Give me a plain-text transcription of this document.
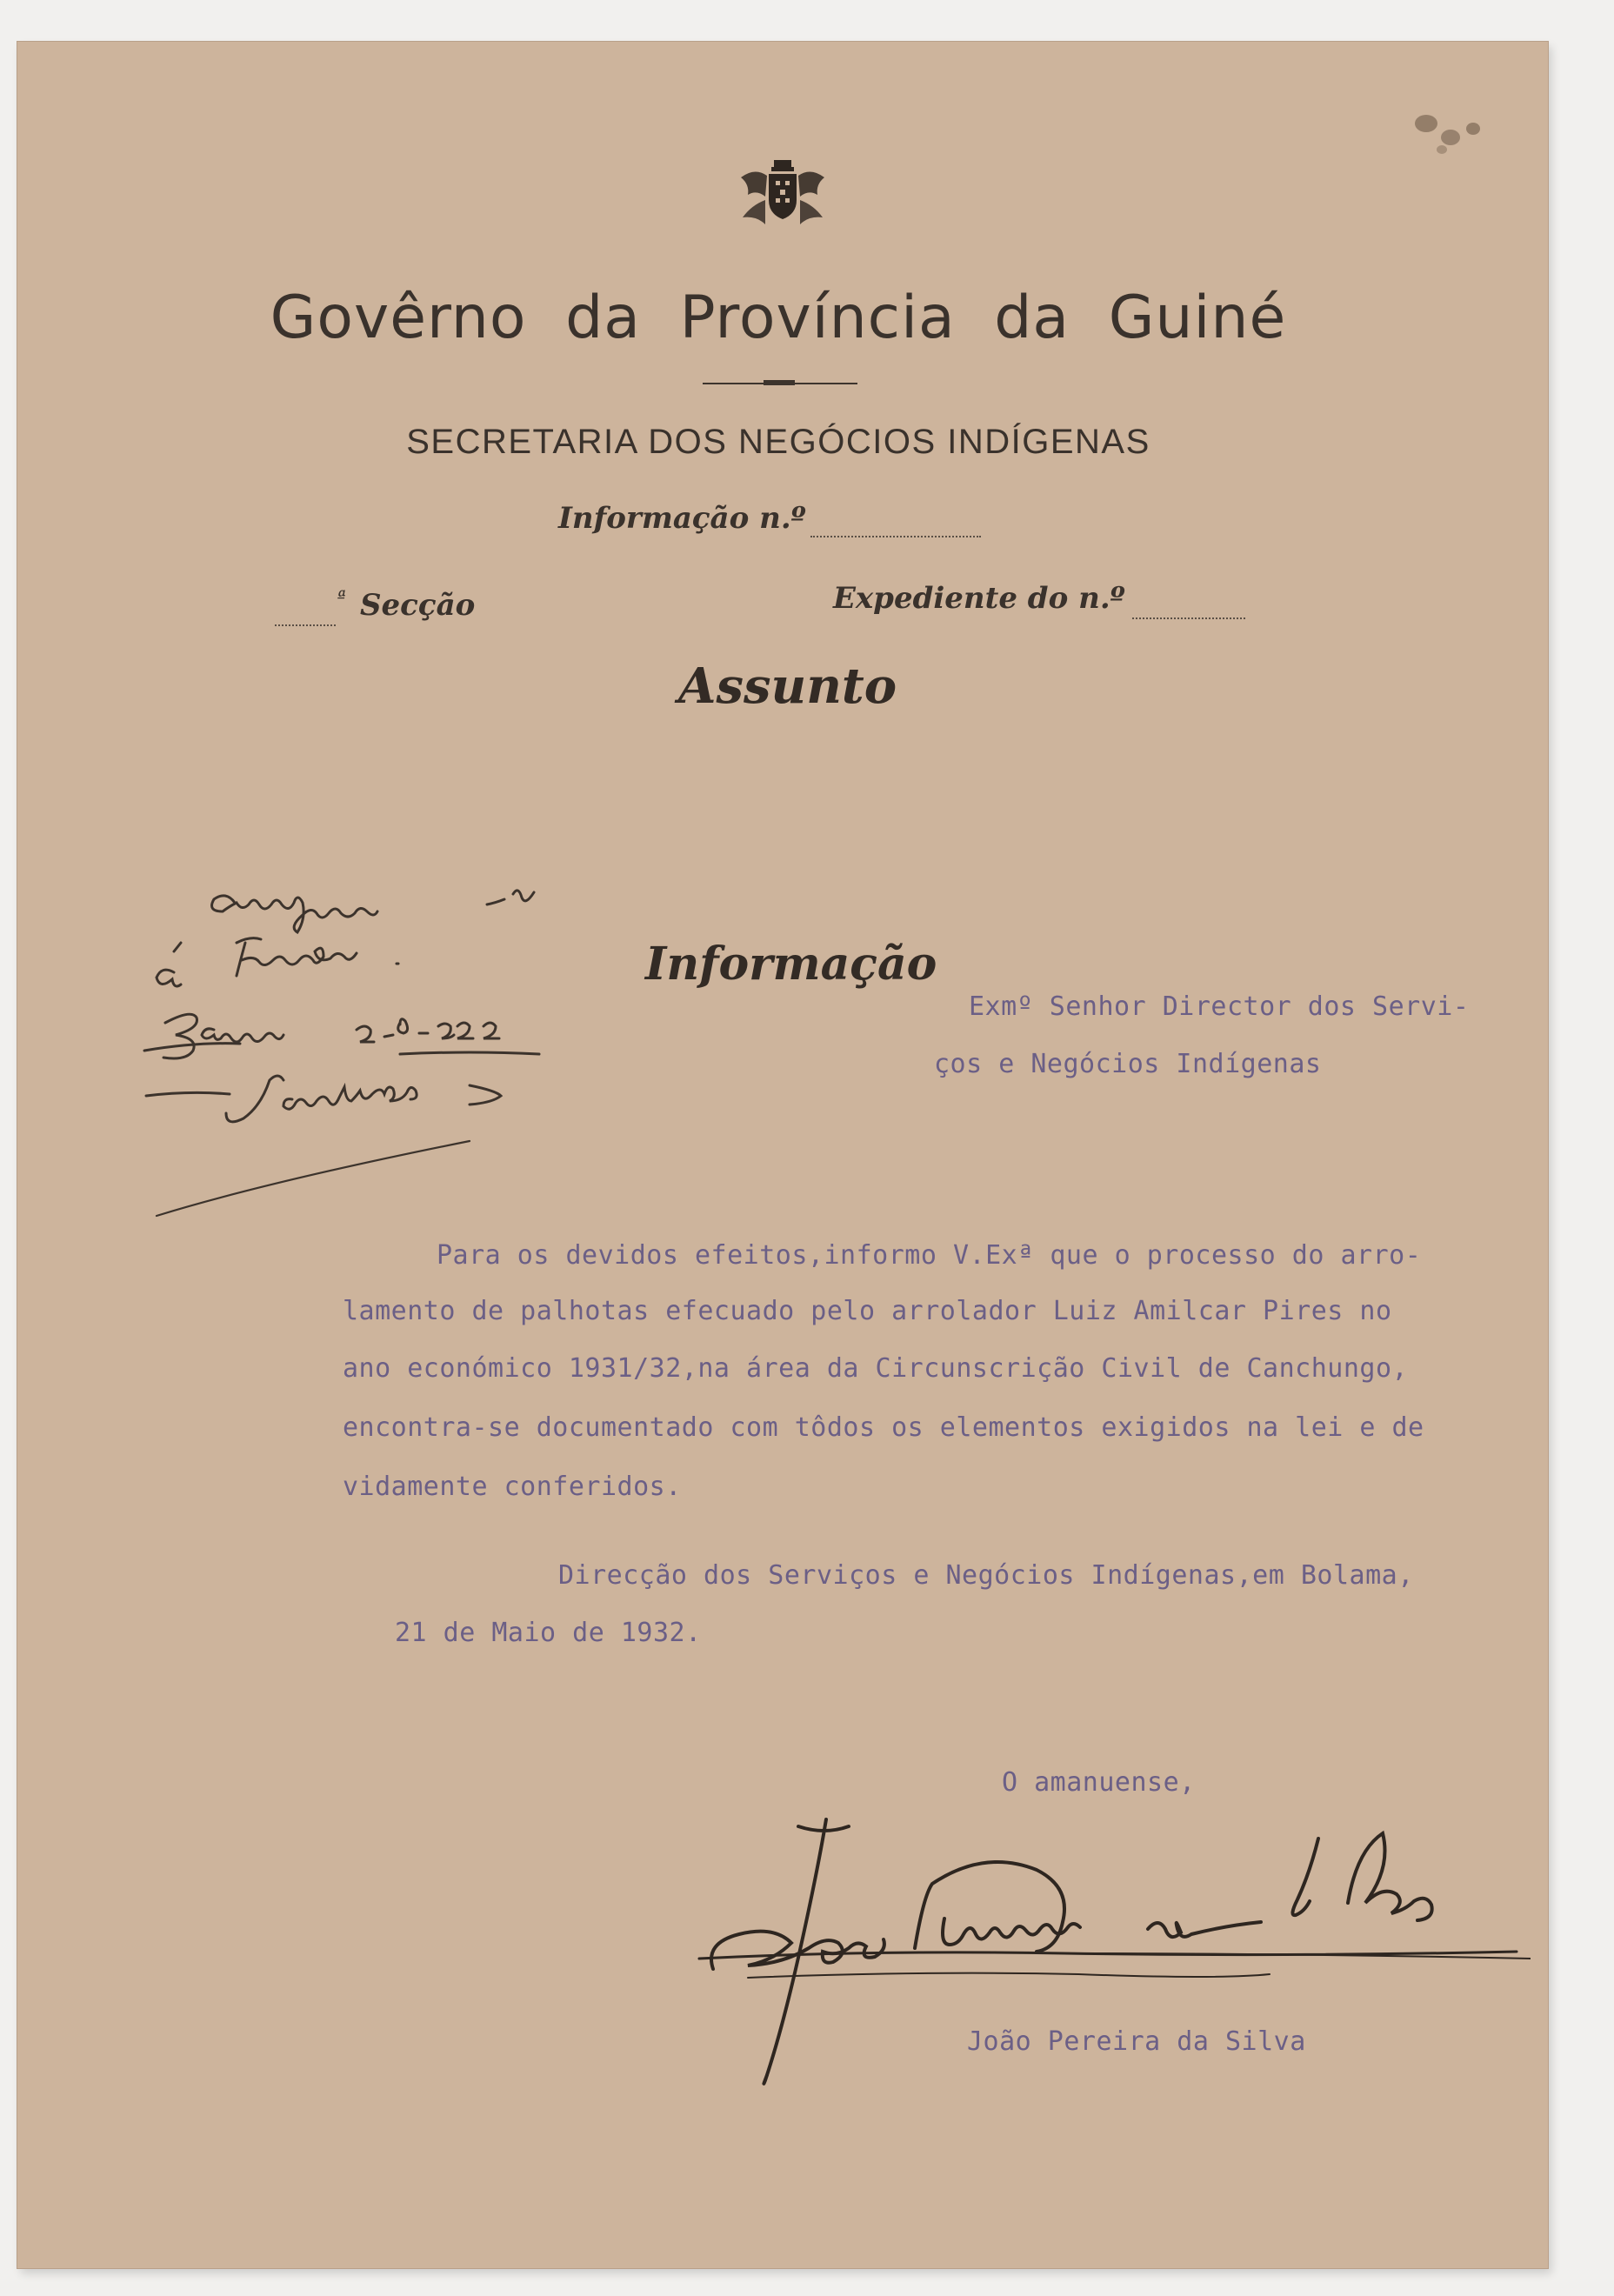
Govêrno da Província da Guiné
SECRETARIA DOS NEGÓCIOS INDÍGENAS
Informação n.º
ª Secção	Expediente do n.º
Assunto
Informação
Exmº Senhor Director dos Servi-
ços e Negócios Indígenas
Para os devidos efeitos,informo V.Exª que o processo do arro-
lamento de palhotas efecuado pelo arrolador Luiz Amilcar Pires no
ano económico 1931/32,na área da Circunscrição Civil de Canchungo,
encontra-se documentado com tôdos os elementos exigidos na lei e de
vidamente conferidos.
Direcção dos Serviços e Negócios Indígenas,em Bolama,
21 de Maio de 1932.
O amanuense,
João Pereira da Silva
